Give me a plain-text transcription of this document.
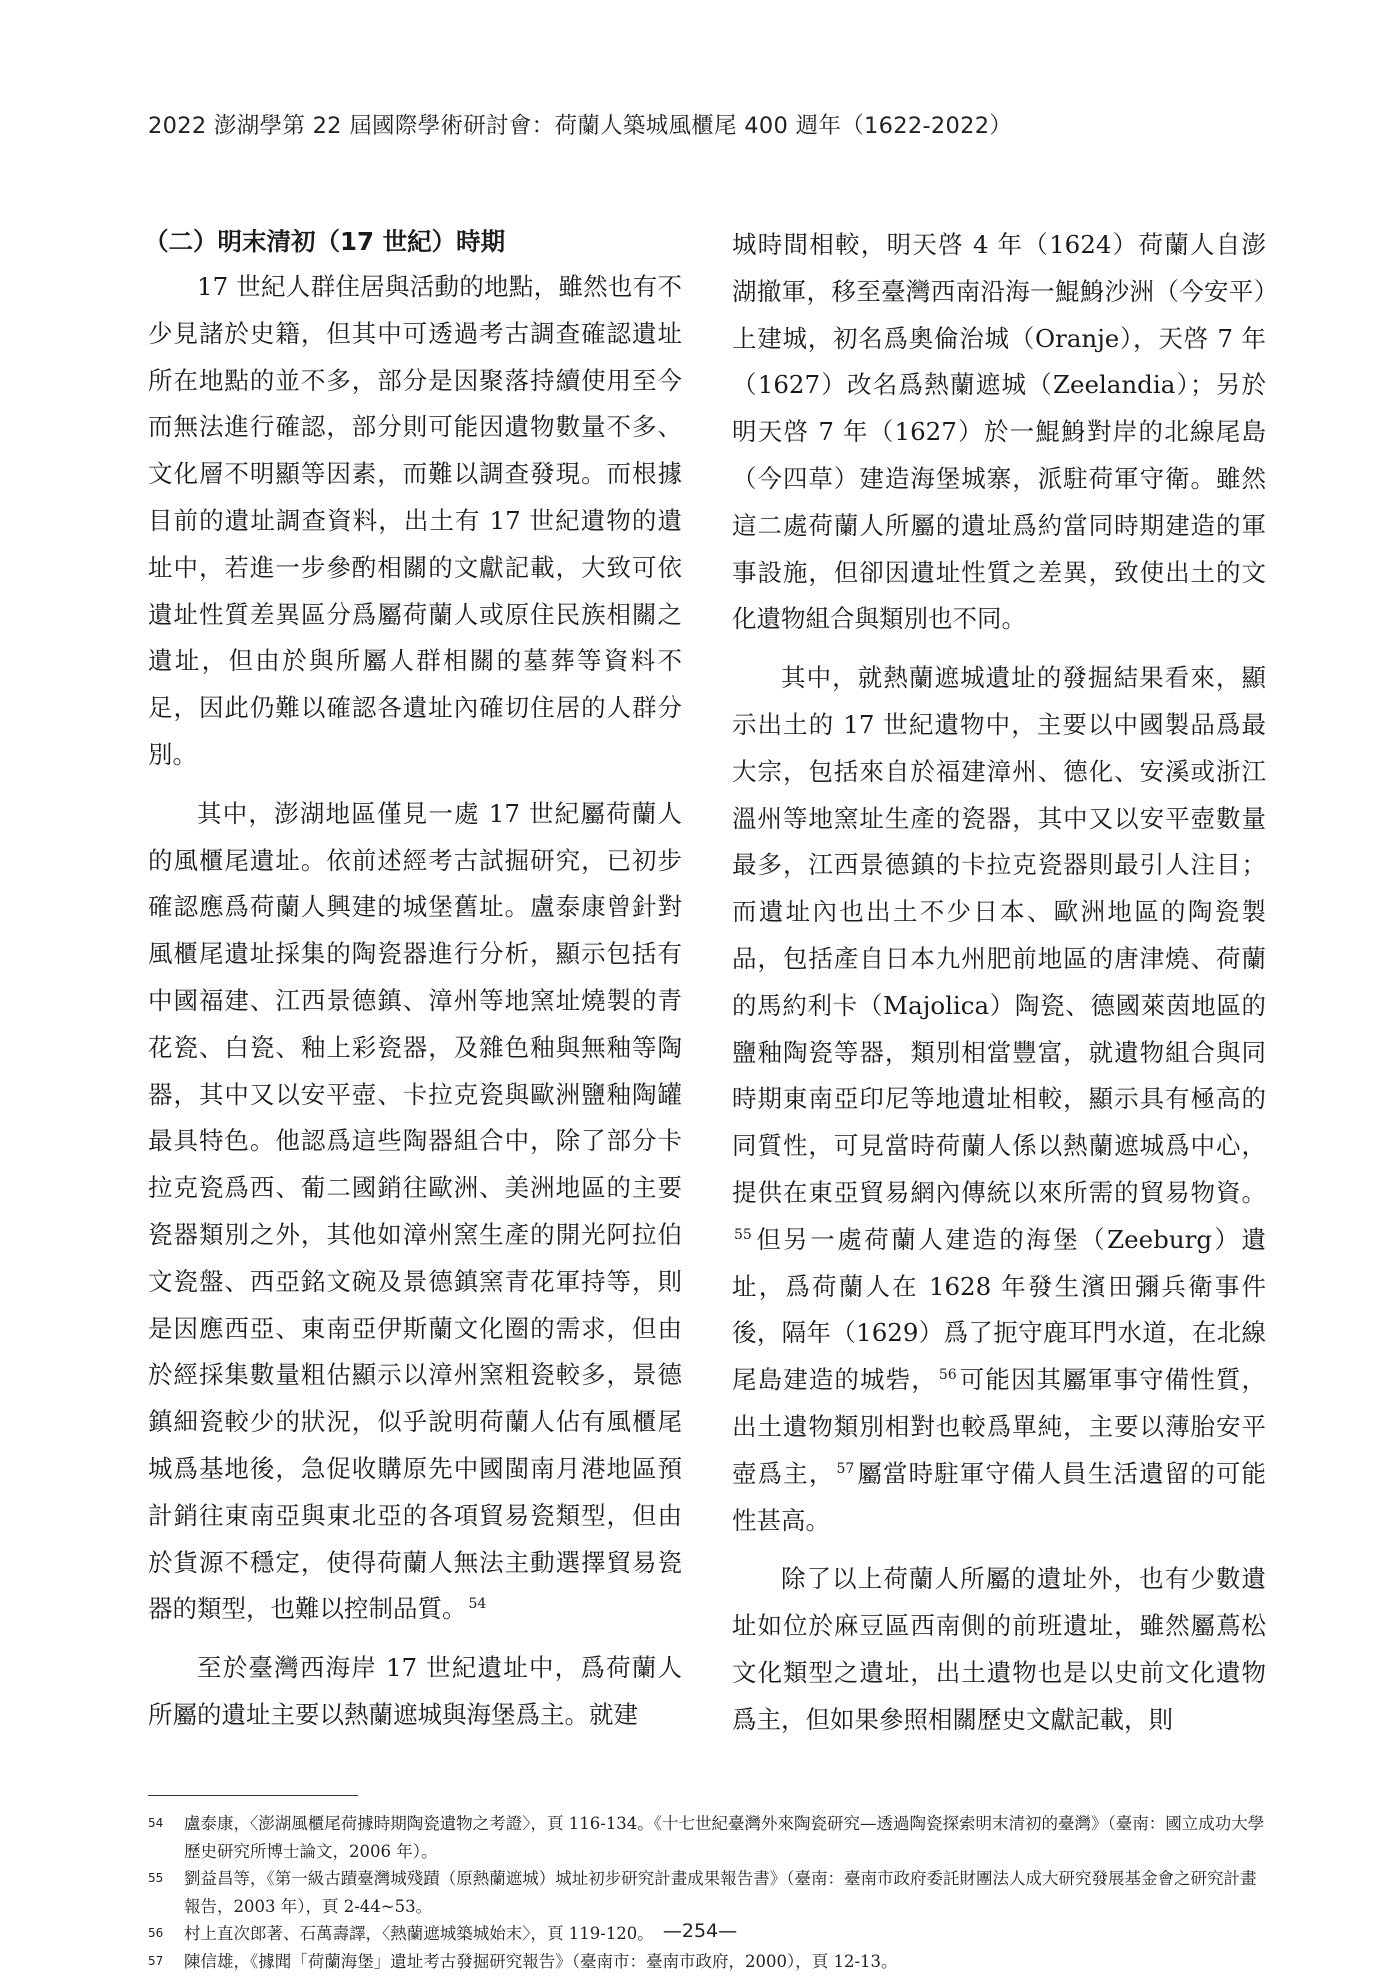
2022 澎湖學第 22 屆國際學術研討會：荷蘭人築城風櫃尾 400 週年（1622-2022）
（二）明末清初（17 世紀）時期

17 世紀人群住居與活動的地點，雖然也有不少見諸於史籍，但其中可透過考古調查確認遺址所在地點的並不多，部分是因聚落持續使用至今而無法進行確認，部分則可能因遺物數量不多、文化層不明顯等因素，而難以調查發現。而根據目前的遺址調查資料，出土有 17 世紀遺物的遺址中，若進一步參酌相關的文獻記載，大致可依遺址性質差異區分爲屬荷蘭人或原住民族相關之遺址，但由於與所屬人群相關的墓葬等資料不足，因此仍難以確認各遺址內確切住居的人群分別。

其中，澎湖地區僅見一處 17 世紀屬荷蘭人的風櫃尾遺址。依前述經考古試掘研究，已初步確認應爲荷蘭人興建的城堡舊址。盧泰康曾針對風櫃尾遺址採集的陶瓷器進行分析，顯示包括有中國福建、江西景德鎮、漳州等地窯址燒製的青花瓷、白瓷、釉上彩瓷器，及雜色釉與無釉等陶器，其中又以安平壺、卡拉克瓷與歐洲鹽釉陶罐最具特色。他認爲這些陶器組合中，除了部分卡拉克瓷爲西、葡二國銷往歐洲、美洲地區的主要瓷器類別之外，其他如漳州窯生產的開光阿拉伯文瓷盤、西亞銘文碗及景德鎮窯青花軍持等，則是因應西亞、東南亞伊斯蘭文化圈的需求，但由於經採集數量粗估顯示以漳州窯粗瓷較多，景德鎮細瓷較少的狀況，似乎說明荷蘭人佔有風櫃尾城爲基地後，急促收購原先中國閩南月港地區預計銷往東南亞與東北亞的各項貿易瓷類型，但由於貨源不穩定，使得荷蘭人無法主動選擇貿易瓷器的類型，也難以控制品質。 $^{54}$

至於臺灣西海岸 17 世紀遺址中，爲荷蘭人所屬的遺址主要以熱蘭遮城與海堡爲主。就建

城時間相較，明天啓 4 年（1624）荷蘭人自澎湖撤軍，移至臺灣西南沿海一鯤鯓沙洲（今安平）上建城，初名爲奧倫治城（Oranje），天啓 7 年（1627）改名爲熱蘭遮城（Zeelandia）；另於明天啓 7 年（1627）於一鯤鯓對岸的北線尾島（今四草）建造海堡城寨，派駐荷軍守衛。雖然這二處荷蘭人所屬的遺址爲約當同時期建造的軍事設施，但卻因遺址性質之差異，致使出土的文化遺物組合與類別也不同。

其中，就熱蘭遮城遺址的發掘結果看來，顯示出土的 17 世紀遺物中，主要以中國製品爲最大宗，包括來自於福建漳州、德化、安溪或浙江溫州等地窯址生產的瓷器，其中又以安平壺數量最多，江西景德鎮的卡拉克瓷器則最引人注目；而遺址內也出土不少日本、歐洲地區的陶瓷製品，包括產自日本九州肥前地區的唐津燒、荷蘭的馬約利卡（Majolica）陶瓷、德國萊茵地區的鹽釉陶瓷等器，類別相當豐富，就遺物組合與同時期東南亞印尼等地遺址相較，顯示具有極高的同質性，可見當時荷蘭人係以熱蘭遮城爲中心，提供在東亞貿易網內傳統以來所需的貿易物資。$^{55}$但另一處荷蘭人建造的海堡（Zeeburg）遺址，爲荷蘭人在 1628 年發生濱田彌兵衛事件後，隔年（1629）爲了扼守鹿耳門水道，在北線尾島建造的城砦， $^{56}$可能因其屬軍事守備性質，出土遺物類別相對也較爲單純，主要以薄胎安平壺爲主， $^{57}$屬當時駐軍守備人員生活遺留的可能性甚高。

除了以上荷蘭人所屬的遺址外，也有少數遺址如位於麻豆區西南側的前班遺址，雖然屬蔦松文化類型之遺址，出土遺物也是以史前文化遺物爲主，但如果參照相關歷史文獻記載，則

54 盧泰康，〈澎湖風櫃尾荷據時期陶瓷遺物之考證〉，頁 116-134。《十七世紀臺灣外來陶瓷研究—透過陶瓷探索明末清初的臺灣》（臺南：國立成功大學歷史研究所博士論文，2006 年）。
55 劉益昌等，《第一級古蹟臺灣城殘蹟（原熱蘭遮城）城址初步研究計畫成果報告書》（臺南：臺南市政府委託財團法人成大研究發展基金會之研究計畫報告，2003 年），頁 2-44~53。
56 村上直次郎著、石萬壽譯，〈熱蘭遮城築城始末〉，頁 119-120。
57 陳信雄，《據聞「荷蘭海堡」遺址考古發掘研究報告》（臺南市：臺南市政府，2000），頁 12-13。
—254—
